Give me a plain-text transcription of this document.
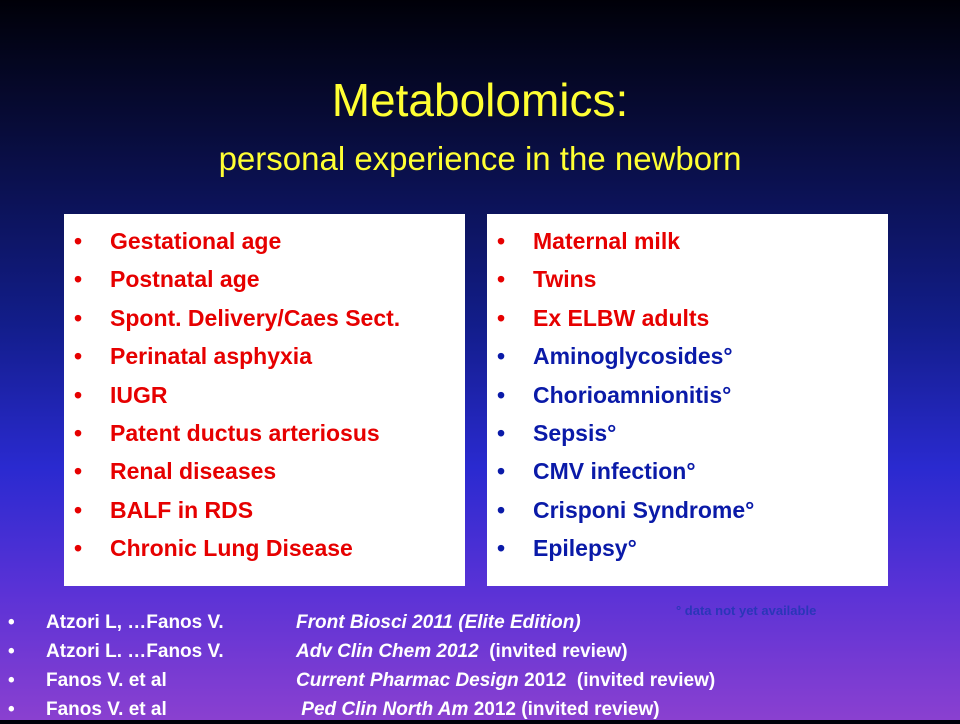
Metabolomics:
personal experience in the newborn
• Gestational age
• Postnatal age
• Spont. Delivery/Caes Sect.
• Perinatal asphyxia
• IUGR
• Patent ductus arteriosus
• Renal diseases
• BALF in RDS
• Chronic Lung Disease
• Maternal milk
• Twins
• Ex ELBW adults
• Aminoglycosides°
• Chorioamnionitis°
• Sepsis°
• CMV infection°
• Crisponi Syndrome°
• Epilepsy°
° data not yet available
• Atzori L, …Fanos V.	Front Biosci 2011 (Elite Edition)
• Atzori L. …Fanos V.	Adv Clin Chem 2012  (invited review)
• Fanos V. et al	Current Pharmac Design 2012  (invited review)
• Fanos V. et al	Ped Clin North Am 2012 (invited review)
